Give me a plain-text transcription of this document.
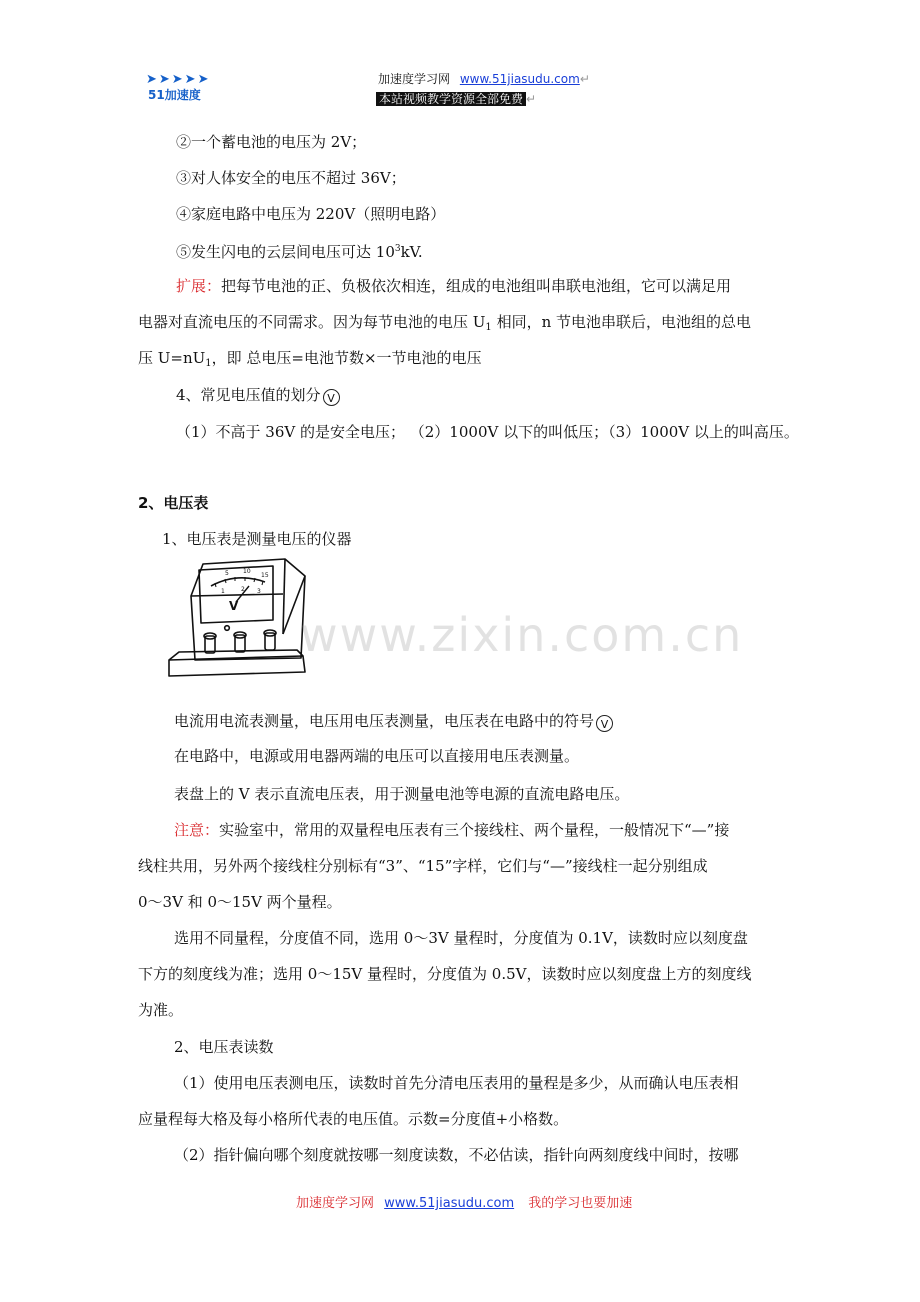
➤➤➤➤➤
51加速度
加速度学习网 www.51jiasudu.com↵
本站视频教学资源全部免费 ↵
②一个蓄电池的电压为 2V；
③对人体安全的电压不超过 36V；
④家庭电路中电压为 220V（照明电路）
⑤发生闪电的云层间电压可达 $10^3kV$.
扩展：把每节电池的正、负极依次相连，组成的电池组叫串联电池组，它可以满足用
电器对直流电压的不同需求。因为每节电池的电压 $U_1$ 相同，n 节电池串联后，电池组的总电
压 $U=nU_1$，即 总电压=电池节数×一节电池的电压
4、常见电压值的划分 V
（1）不高于 36V 的是安全电压； （2）1000V 以下的叫低压；（3）1000V 以上的叫高压。
2、电压表
1、电压表是测量电压的仪器
5 10
15
1	2 3
V
www.zixin.com.cn
电流用电流表测量，电压用电压表测量，电压表在电路中的符号 V
在电路中，电源或用电器两端的电压可以直接用电压表测量。
表盘上的 V 表示直流电压表，用于测量电池等电源的直流电路电压。
注意：实验室中，常用的双量程电压表有三个接线柱、两个量程，一般情况下“—”接
线柱共用，另外两个接线柱分别标有“3”、“15”字样，它们与“—”接线柱一起分别组成
0～3V 和 0～15V 两个量程。
选用不同量程，分度值不同，选用 0～3V 量程时，分度值为 0.1V，读数时应以刻度盘
下方的刻度线为准；选用 0～15V 量程时，分度值为 0.5V，读数时应以刻度盘上方的刻度线
为准。
2、电压表读数
（1）使用电压表测电压，读数时首先分清电压表用的量程是多少，从而确认电压表相
应量程每大格及每小格所代表的电压值。示数=分度值+小格数。
（2）指针偏向哪个刻度就按哪一刻度读数，不必估读，指针向两刻度线中间时，按哪
加速度学习网 www.51jiasudu.com 我的学习也要加速
